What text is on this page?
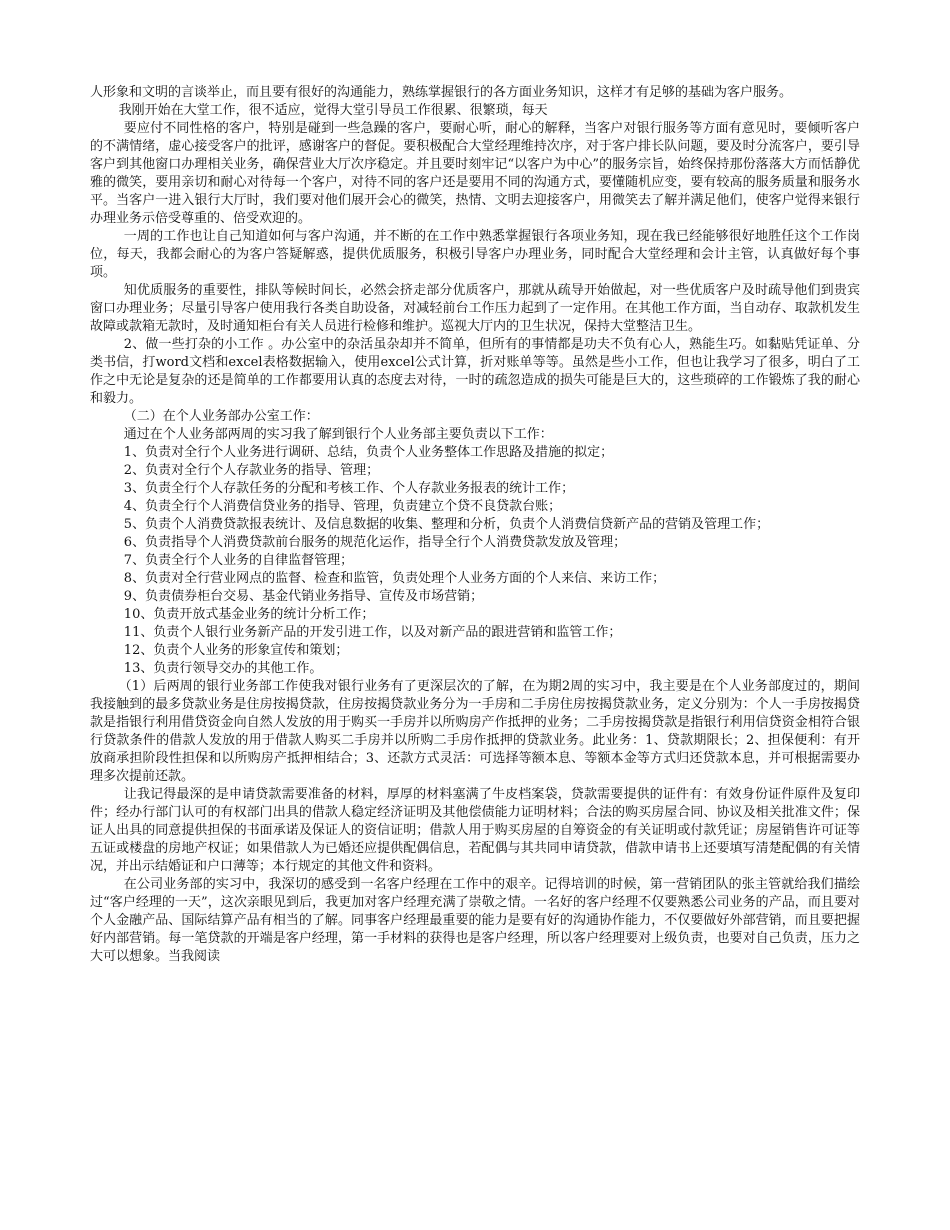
人形象和文明的言谈举止，而且要有很好的沟通能力，熟练掌握银行的各方面业务知识，这样才有足够的基础为客户服务。

我刚开始在大堂工作，很不适应，觉得大堂引导员工作很累、很繁琐，每天

要应付不同性格的客户，特别是碰到一些急躁的客户，要耐心听，耐心的解释，当客户对银行服务等方面有意见时，要倾听客户的不满情绪，虚心接受客户的批评，感谢客户的督促。要积极配合大堂经理维持次序，对于客户排长队问题，要及时分流客户，要引导客户到其他窗口办理相关业务，确保营业大厅次序稳定。并且要时刻牢记“以客户为中心”的服务宗旨，始终保持那份落落大方而恬静优雅的微笑，要用亲切和耐心对待每一个客户，对待不同的客户还是要用不同的沟通方式，要懂随机应变，要有较高的服务质量和服务水平。当客户一进入银行大厅时，我们要对他们展开会心的微笑，热情、文明去迎接客户，用微笑去了解并满足他们，使客户觉得来银行办理业务示倍受尊重的、倍受欢迎的。

一周的工作也让自己知道如何与客户沟通，并不断的在工作中熟悉掌握银行各项业务知，现在我已经能够很好地胜任这个工作岗位，每天，我都会耐心的为客户答疑解惑，提供优质服务，积极引导客户办理业务，同时配合大堂经理和会计主管，认真做好每个事项。

知优质服务的重要性，排队等候时间长，必然会挤走部分优质客户，那就从疏导开始做起，对一些优质客户及时疏导他们到贵宾窗口办理业务；尽量引导客户使用我行各类自助设备，对减轻前台工作压力起到了一定作用。在其他工作方面，当自动存、取款机发生故障或款箱无款时，及时通知柜台有关人员进行检修和维护。巡视大厅内的卫生状况，保持大堂整洁卫生。

2、做一些打杂的小工作 。办公室中的杂活虽杂却并不简单，但所有的事情都是功夫不负有心人，熟能生巧。如黏贴凭证单、分类书信，打word文档和excel表格数据输入，使用excel公式计算，折对账单等等。虽然是些小工作，但也让我学习了很多，明白了工作之中无论是复杂的还是简单的工作都要用认真的态度去对待，一时的疏忽造成的损失可能是巨大的，这些琐碎的工作锻炼了我的耐心和毅力。

（二）在个人业务部办公室工作：

通过在个人业务部两周的实习我了解到银行个人业务部主要负责以下工作：

1、负责对全行个人业务进行调研、总结，负责个人业务整体工作思路及措施的拟定；

2、负责对全行个人存款业务的指导、管理；

3、负责全行个人存款任务的分配和考核工作、个人存款业务报表的统计工作；

4、负责全行个人消费信贷业务的指导、管理，负责建立个贷不良贷款台账；

5、负责个人消费贷款报表统计、及信息数据的收集、整理和分析，负责个人消费信贷新产品的营销及管理工作；

6、负责指导个人消费贷款前台服务的规范化运作，指导全行个人消费贷款发放及管理；

7、负责全行个人业务的自律监督管理；

8、负责对全行营业网点的监督、检查和监管，负责处理个人业务方面的个人来信、来访工作；

9、负责债券柜台交易、基金代销业务指导、宣传及市场营销；

10、负责开放式基金业务的统计分析工作；

11、负责个人银行业务新产品的开发引进工作，以及对新产品的跟进营销和监管工作；

12、负责个人业务的形象宣传和策划；

13、负责行领导交办的其他工作。

（1）后两周的银行业务部工作使我对银行业务有了更深层次的了解，在为期2周的实习中，我主要是在个人业务部度过的，期间我接触到的最多贷款业务是住房按揭贷款，住房按揭贷款业务分为一手房和二手房住房按揭贷款业务，定义分别为：个人一手房按揭贷款是指银行利用借贷资金向自然人发放的用于购买一手房并以所购房产作抵押的业务；二手房按揭贷款是指银行利用信贷资金相符合银行贷款条件的借款人发放的用于借款人购买二手房并以所购二手房作抵押的贷款业务。此业务：1、贷款期限长；2、担保便利：有开放商承担阶段性担保和以所购房产抵押相结合；3、还款方式灵活：可选择等额本息、等额本金等方式归还贷款本息，并可根据需要办理多次提前还款。

让我记得最深的是申请贷款需要准备的材料，厚厚的材料塞满了牛皮档案袋，贷款需要提供的证件有：有效身份证件原件及复印件；经办行部门认可的有权部门出具的借款人稳定经济证明及其他偿债能力证明材料；合法的购买房屋合同、协议及相关批准文件；保证人出具的同意提供担保的书面承诺及保证人的资信证明；借款人用于购买房屋的自筹资金的有关证明或付款凭证；房屋销售许可证等五证或楼盘的房地产权证；如果借款人为已婚还应提供配偶信息，若配偶与其共同申请贷款，借款申请书上还要填写清楚配偶的有关情况，并出示结婚证和户口薄等；本行规定的其他文件和资料。

在公司业务部的实习中，我深切的感受到一名客户经理在工作中的艰辛。记得培训的时候，第一营销团队的张主管就给我们描绘过“客户经理的一天”，这次亲眼见到后，我更加对客户经理充满了崇敬之情。一名好的客户经理不仅要熟悉公司业务的产品，而且要对个人金融产品、国际结算产品有相当的了解。同事客户经理最重要的能力是要有好的沟通协作能力，不仅要做好外部营销，而且要把握好内部营销。每一笔贷款的开端是客户经理，第一手材料的获得也是客户经理，所以客户经理要对上级负责，也要对自己负责，压力之大可以想象。当我阅读
